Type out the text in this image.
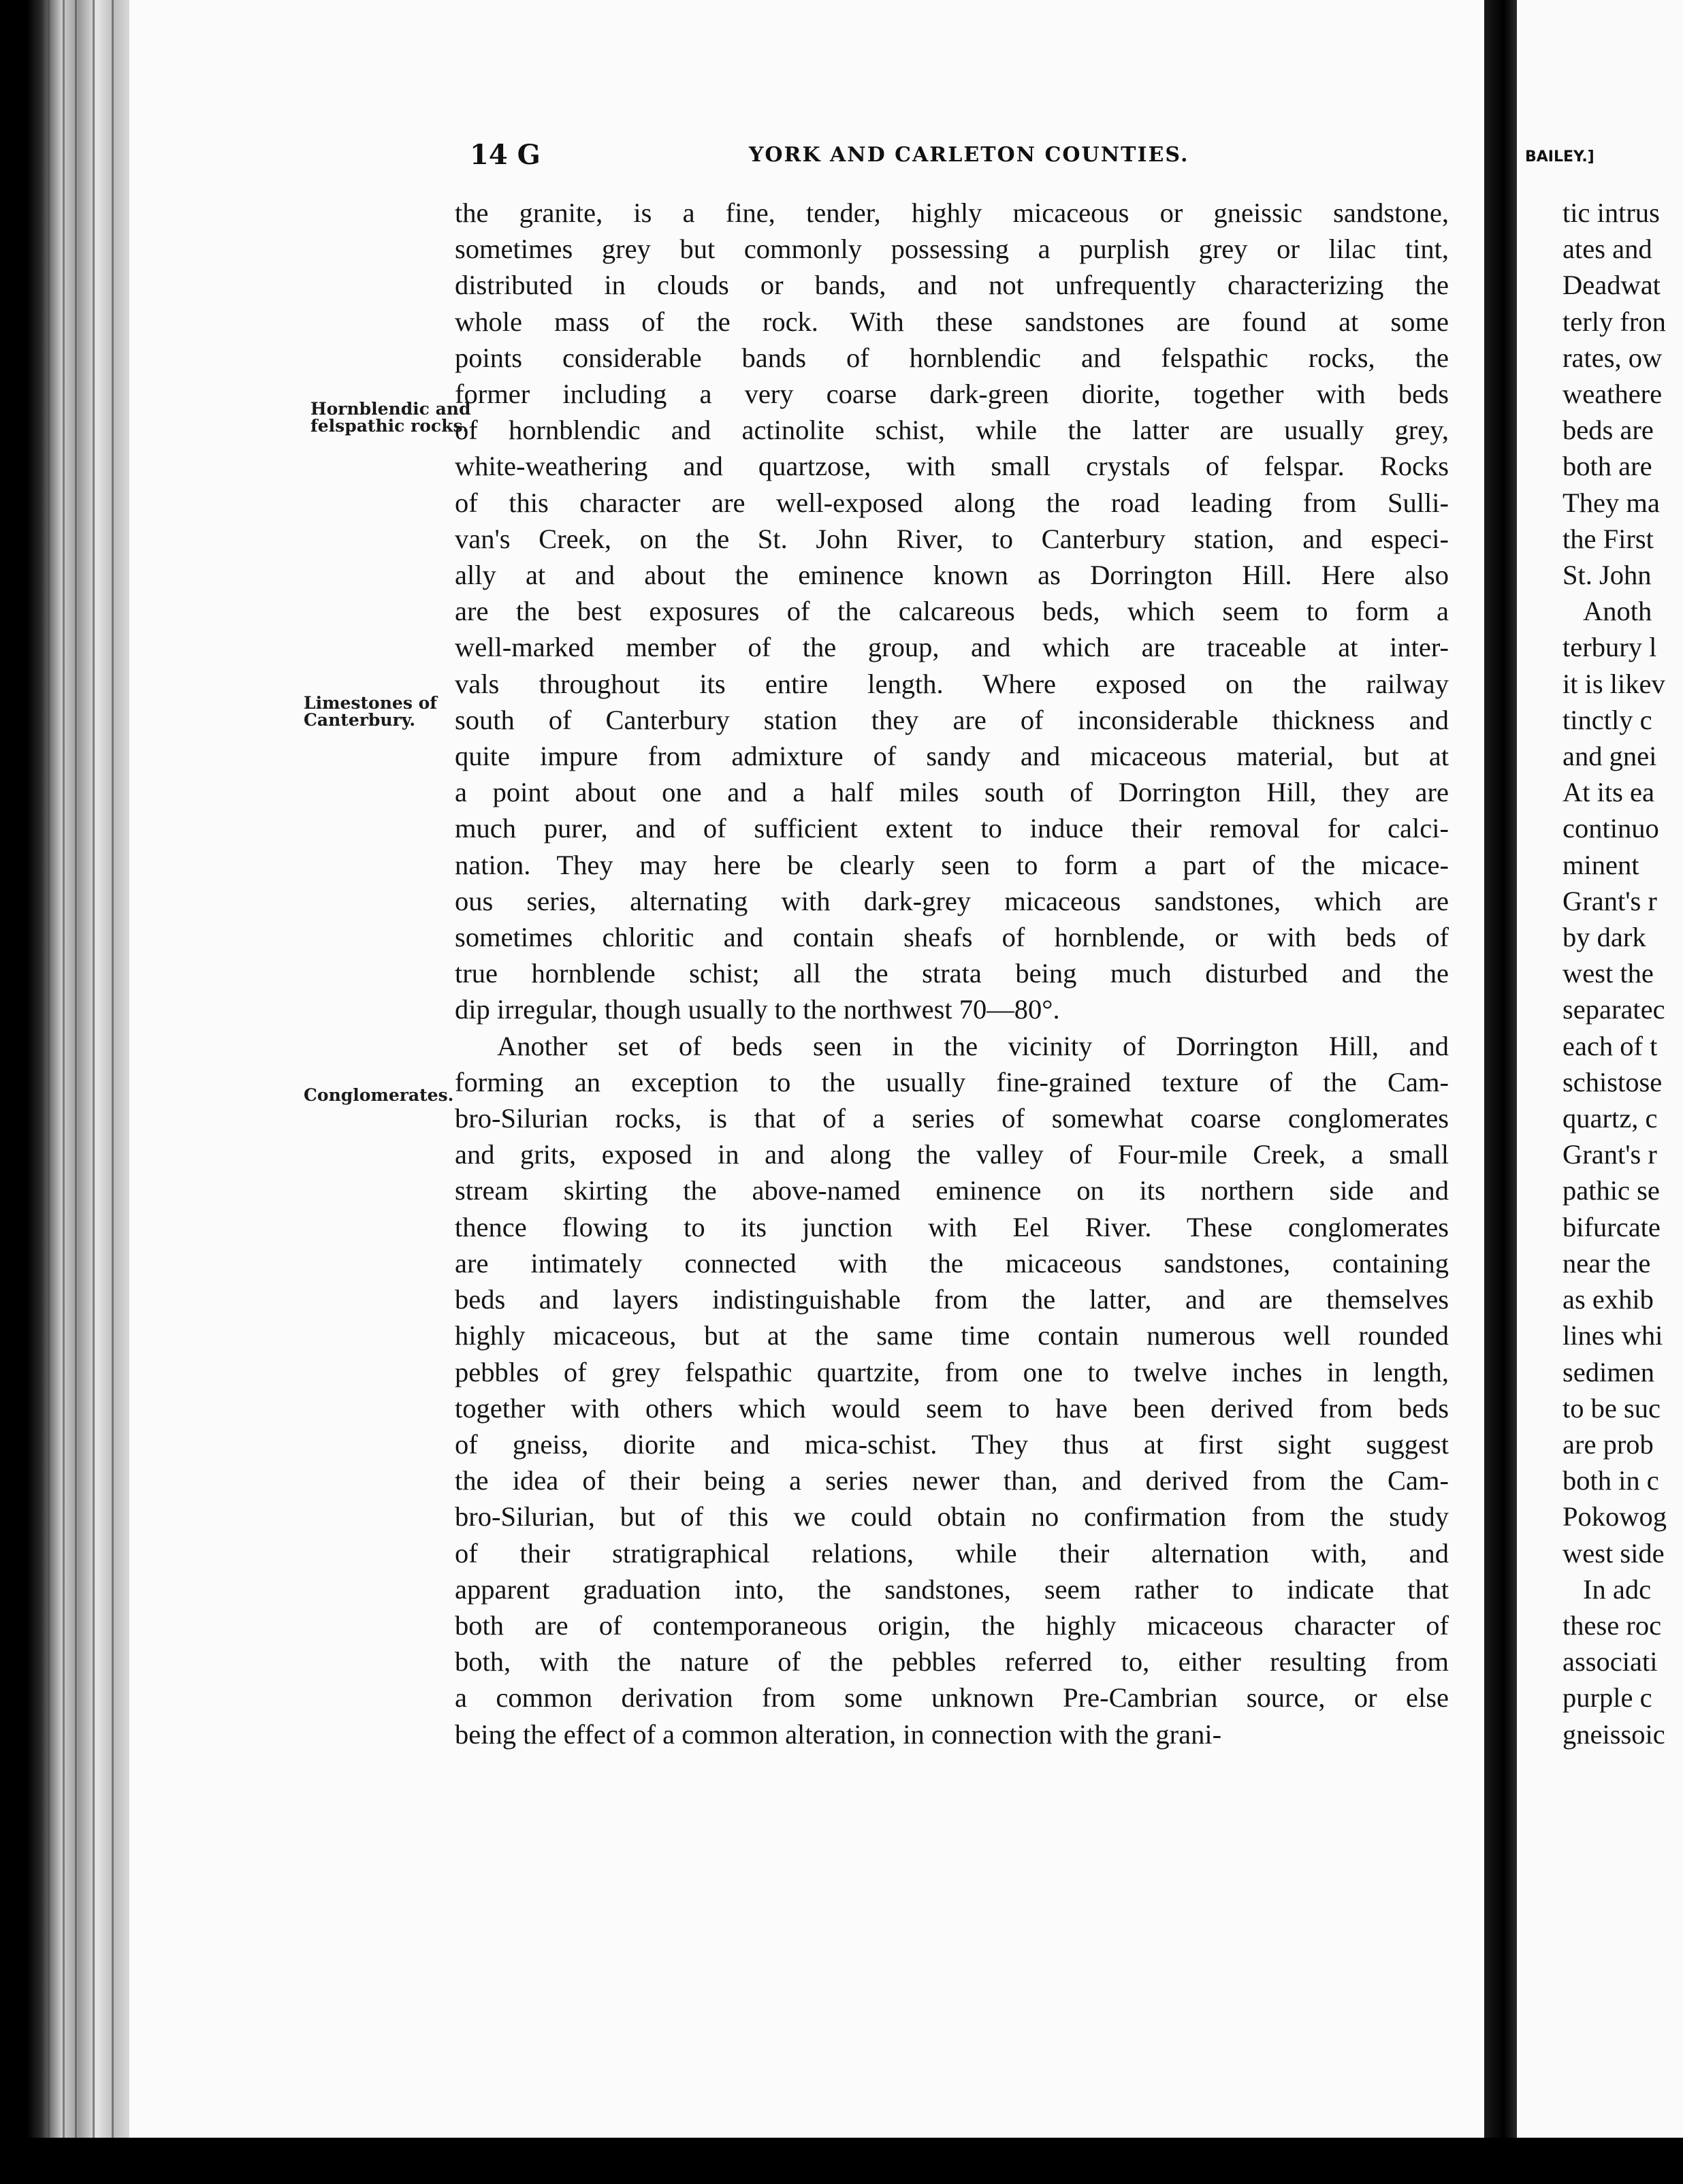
14 G	YORK AND CARLETON COUNTIES.
Hornblendic and felspathic rocks.
Limestones of Canterbury.
Conglomerates.
the granite, is a fine, tender, highly micaceous or gneissic sandstone,
sometimes grey but commonly possessing a purplish grey or lilac tint,
distributed in clouds or bands, and not unfrequently characterizing the
whole mass of the rock. With these sandstones are found at some
points considerable bands of hornblendic and felspathic rocks, the
former including a very coarse dark-green diorite, together with beds
of hornblendic and actinolite schist, while the latter are usually grey,
white-weathering and quartzose, with small crystals of felspar. Rocks
of this character are well-exposed along the road leading from Sulli-
van's Creek, on the St. John River, to Canterbury station, and especi-
ally at and about the eminence known as Dorrington Hill. Here also
are the best exposures of the calcareous beds, which seem to form a
well-marked member of the group, and which are traceable at inter-
vals throughout its entire length. Where exposed on the railway
south of Canterbury station they are of inconsiderable thickness and
quite impure from admixture of sandy and micaceous material, but at
a point about one and a half miles south of Dorrington Hill, they are
much purer, and of sufficient extent to induce their removal for calci-
nation. They may here be clearly seen to form a part of the micace-
ous series, alternating with dark-grey micaceous sandstones, which are
sometimes chloritic and contain sheafs of hornblende, or with beds of
true hornblende schist; all the strata being much disturbed and the
dip irregular, though usually to the northwest 70—80°.
Another set of beds seen in the vicinity of Dorrington Hill, and
forming an exception to the usually fine-grained texture of the Cam-
bro-Silurian rocks, is that of a series of somewhat coarse conglomerates
and grits, exposed in and along the valley of Four-mile Creek, a small
stream skirting the above-named eminence on its northern side and
thence flowing to its junction with Eel River. These conglomerates
are intimately connected with the micaceous sandstones, containing
beds and layers indistinguishable from the latter, and are themselves
highly micaceous, but at the same time contain numerous well rounded
pebbles of grey felspathic quartzite, from one to twelve inches in length,
together with others which would seem to have been derived from beds
of gneiss, diorite and mica-schist. They thus at first sight suggest
the idea of their being a series newer than, and derived from the Cam-
bro-Silurian, but of this we could obtain no confirmation from the study
of their stratigraphical relations, while their alternation with, and
apparent graduation into, the sandstones, seem rather to indicate that
both are of contemporaneous origin, the highly micaceous character of
both, with the nature of the pebbles referred to, either resulting from
a common derivation from some unknown Pre-Cambrian source, or else
being the effect of a common alteration, in connection with the grani-
BAILEY.]
tic intrus
ates and
Deadwat
terly fron
rates, ow
weathere
beds are
both are
They ma
the First
St. John
Anoth
terbury l
it is likev
tinctly c
and gnei
At its ea
continuo
minent
Grant's r
by dark
west the
separatec
each of t
schistose
quartz, c
Grant's r
pathic se
bifurcate
near the
as exhib
lines whi
sedimen
to be suc
are prob
both in c
Pokowog
west side
In adc
these roc
associati
purple c
gneissoic
